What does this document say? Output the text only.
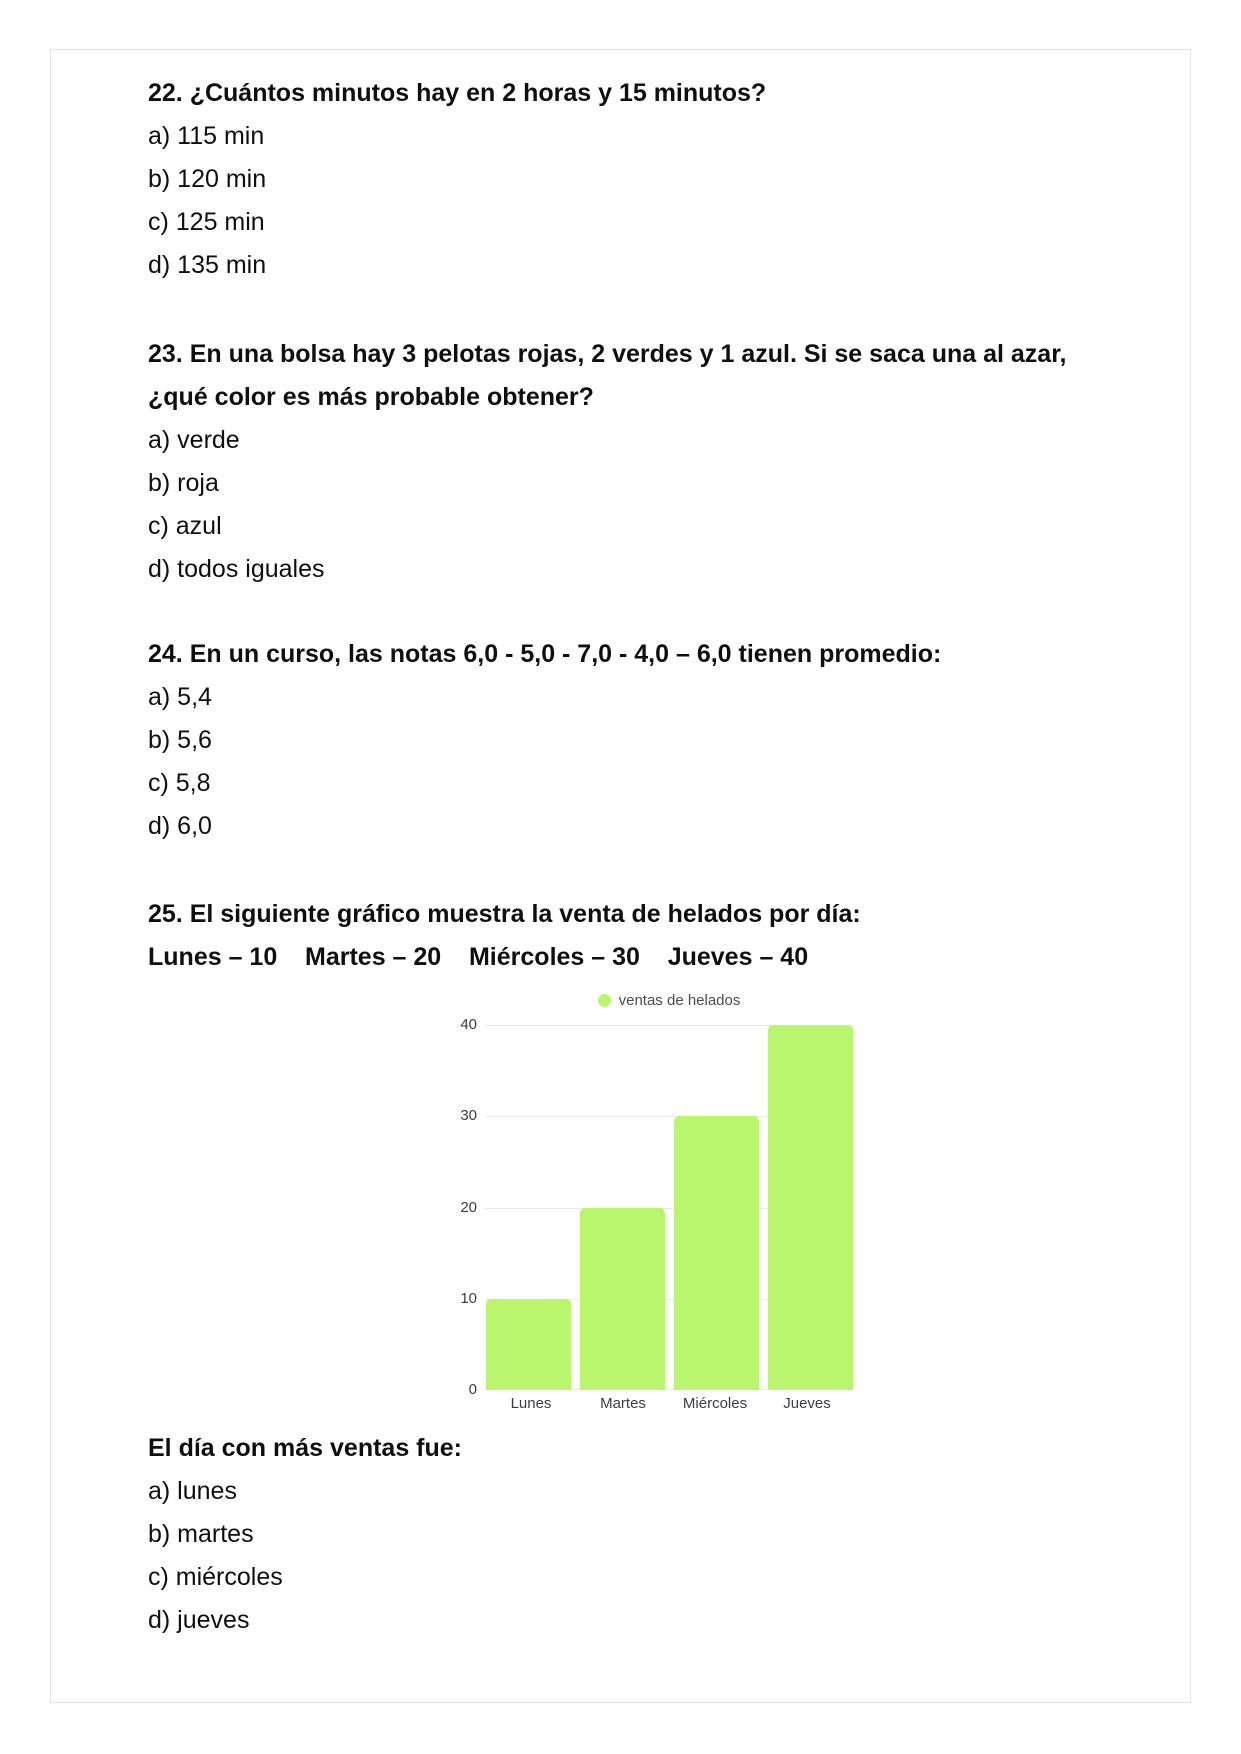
22. ¿Cuántos minutos hay en 2 horas y 15 minutos?

a) 115 min

b) 120 min

c) 125 min

d) 135 min

23. En una bolsa hay 3 pelotas rojas, 2 verdes y 1 azul. Si se saca una al azar, ¿qué color es más probable obtener?

a) verde

b) roja

c) azul

d) todos iguales

24. En un curso, las notas 6,0 - 5,0 - 7,0 - 4,0 – 6,0 tienen promedio:

a) 5,4

b) 5,6

c) 5,8

d) 6,0

25. El siguiente gráfico muestra la venta de helados por día:

Lunes – 10    Martes – 20    Miércoles – 30    Jueves – 40

ventas de helados
0
10
20
30
40
Lunes	Martes	Miércoles	Jueves

El día con más ventas fue:

a) lunes

b) martes

c) miércoles

d) jueves
